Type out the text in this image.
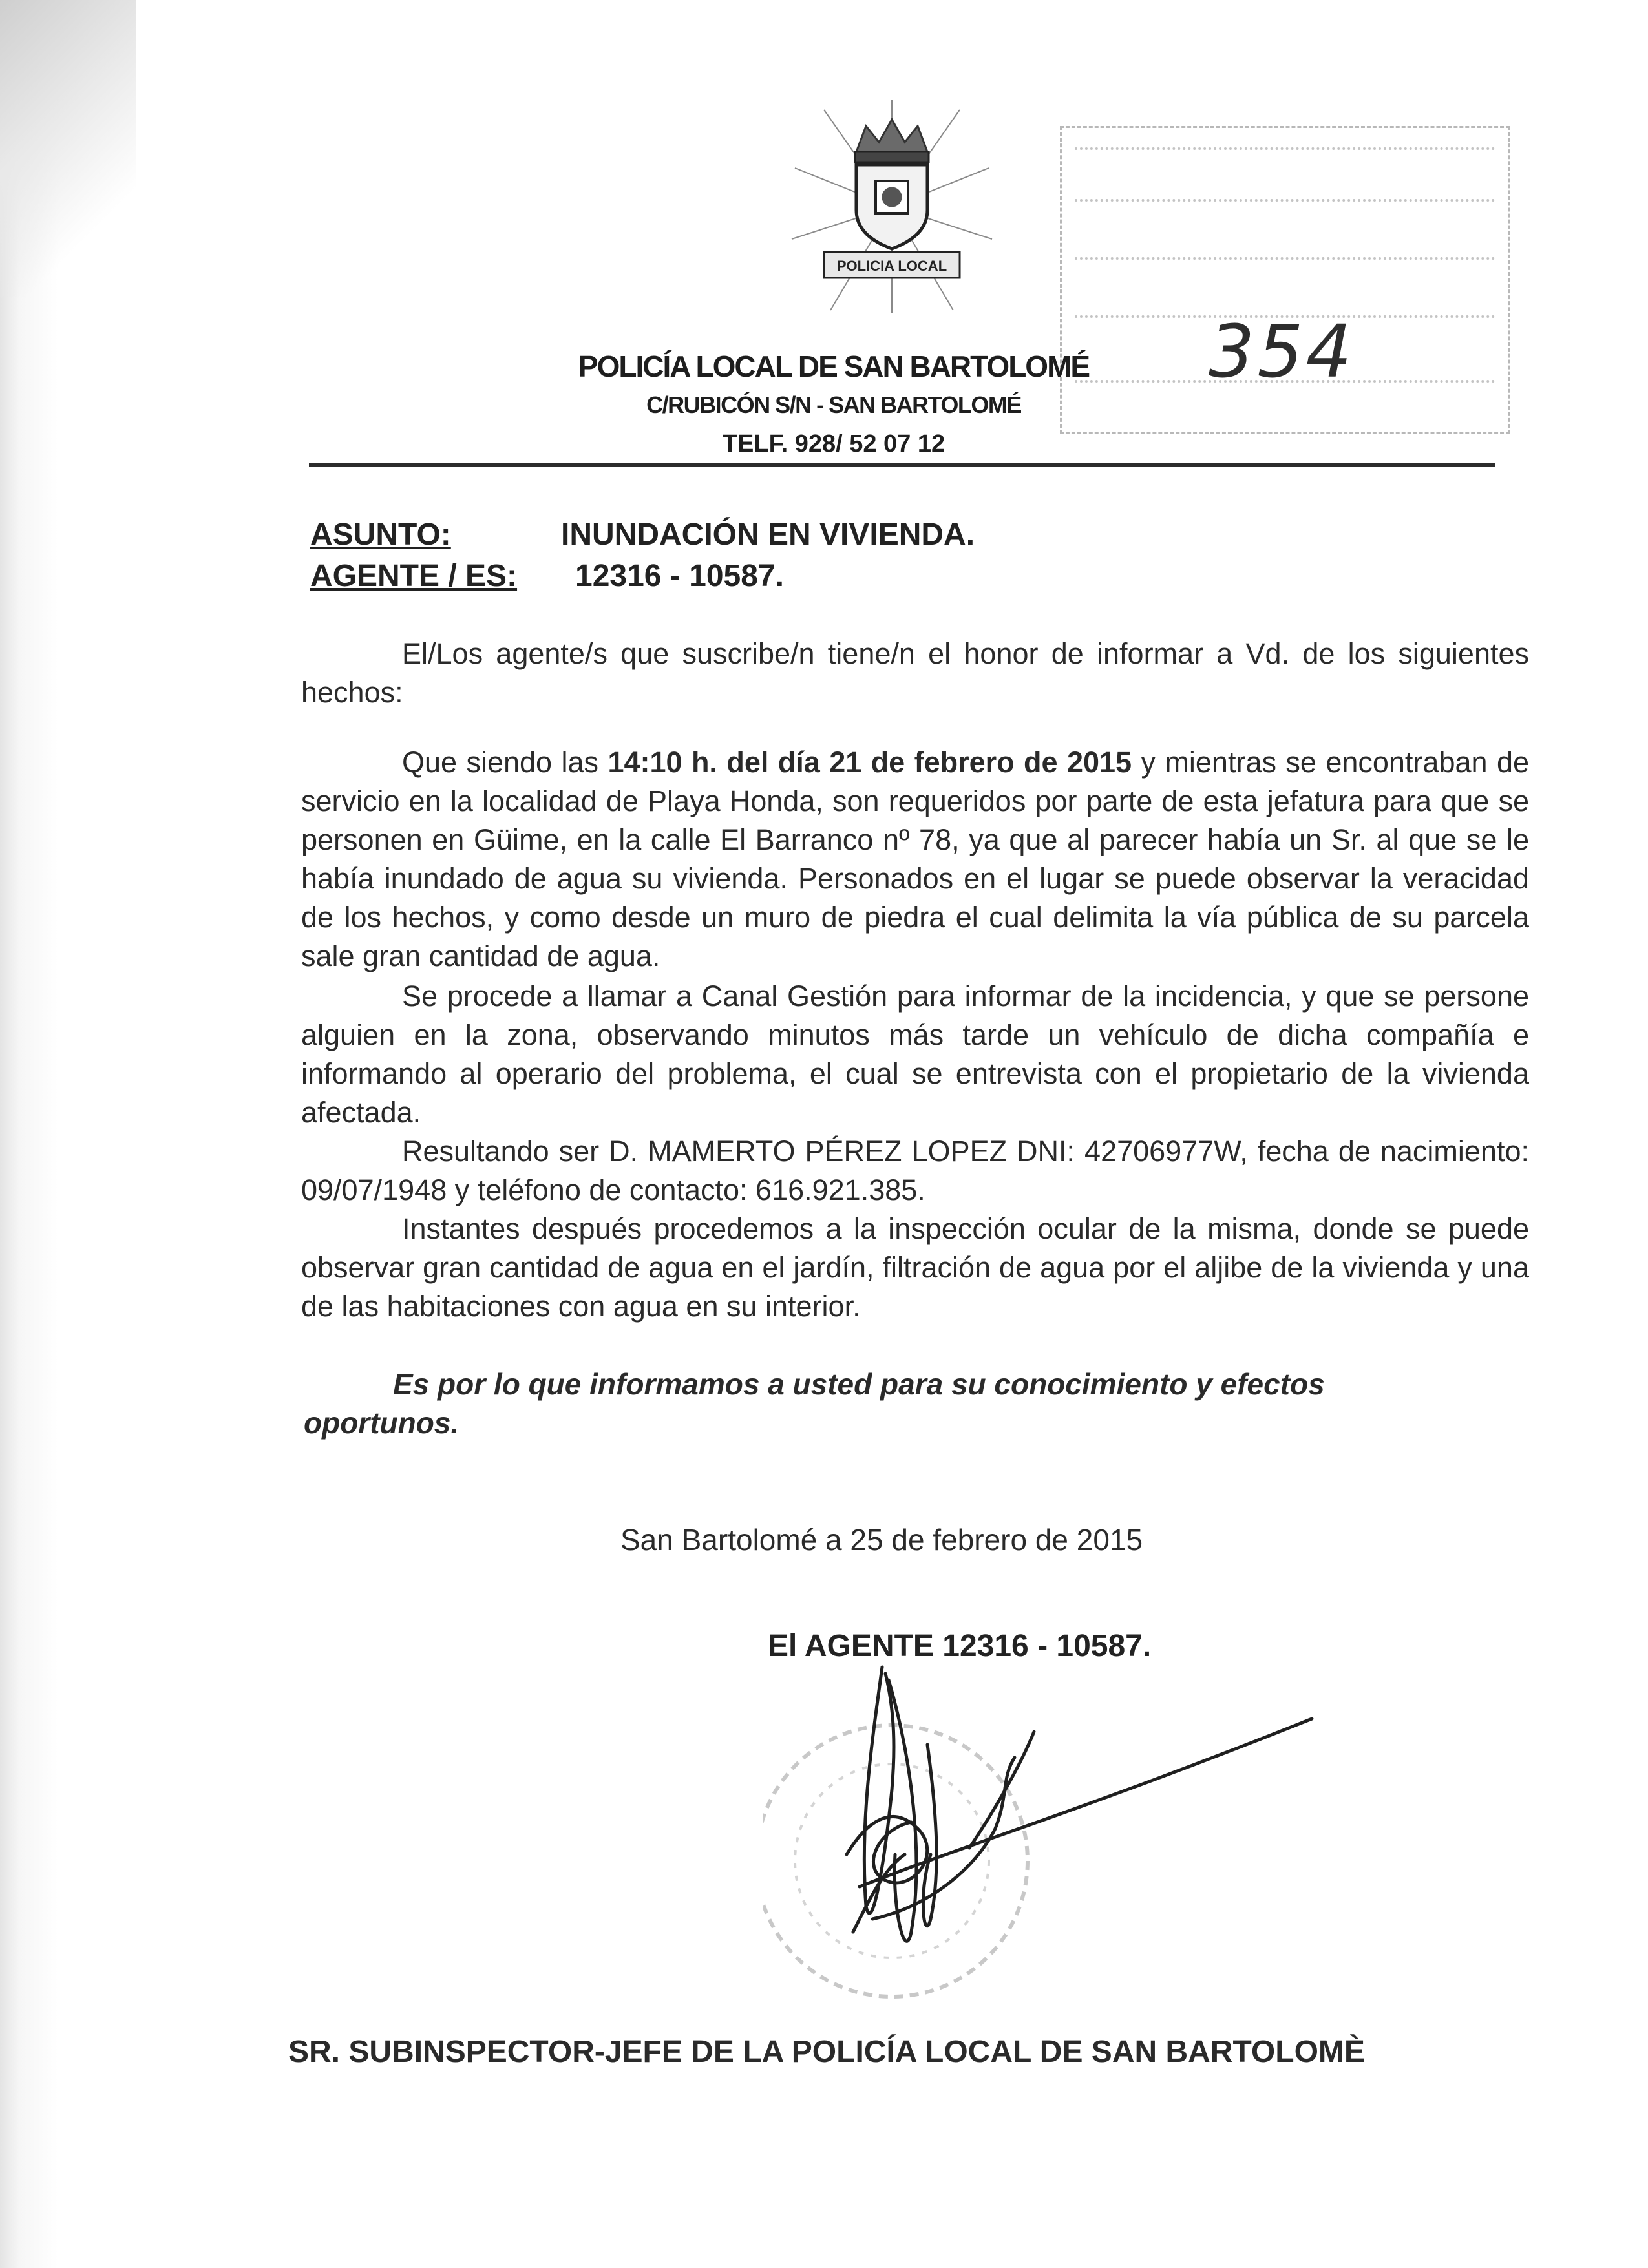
POLICIA LOCAL
354
POLICÍA LOCAL DE SAN BARTOLOMÉ
C/RUBICÓN S/N - SAN BARTOLOMÉ
TELF. 928/ 52 07 12
ASUNTO:	INUNDACIÓN EN VIVIENDA.
AGENTE / ES: 12316 - 10587.
El/Los agente/s que suscribe/n tiene/n el honor de informar a Vd. de los siguientes hechos:
Que siendo las 14:10 h. del día 21 de febrero de 2015 y mientras se encontraban de servicio en la localidad de Playa Honda, son requeridos por parte de esta jefatura para que se personen en Güime, en la calle El Barranco nº 78, ya que al parecer había un Sr. al que se le había inundado de agua su vivienda. Personados en el lugar se puede observar la veracidad de los hechos, y como desde un muro de piedra el cual delimita la vía pública de su parcela sale gran cantidad de agua.
Se procede a llamar a Canal Gestión para informar de la incidencia, y que se persone alguien en la zona, observando minutos más tarde un vehículo de dicha compañía e informando al operario del problema, el cual se entrevista con el propietario de la vivienda afectada.
Resultando ser D. MAMERTO PÉREZ LOPEZ DNI: 42706977W, fecha de nacimiento: 09/07/1948 y teléfono de contacto: 616.921.385.
Instantes después procedemos a la inspección ocular de la misma, donde se puede observar gran cantidad de agua en el jardín, filtración de agua por el aljibe de la vivienda y una de las habitaciones con agua en su interior.
Es por lo que informamos a usted para su conocimiento y efectos
oportunos.
San Bartolomé a 25 de febrero de 2015
El AGENTE 12316 - 10587.
SR. SUBINSPECTOR-JEFE DE LA POLICÍA LOCAL DE SAN BARTOLOMÈ
